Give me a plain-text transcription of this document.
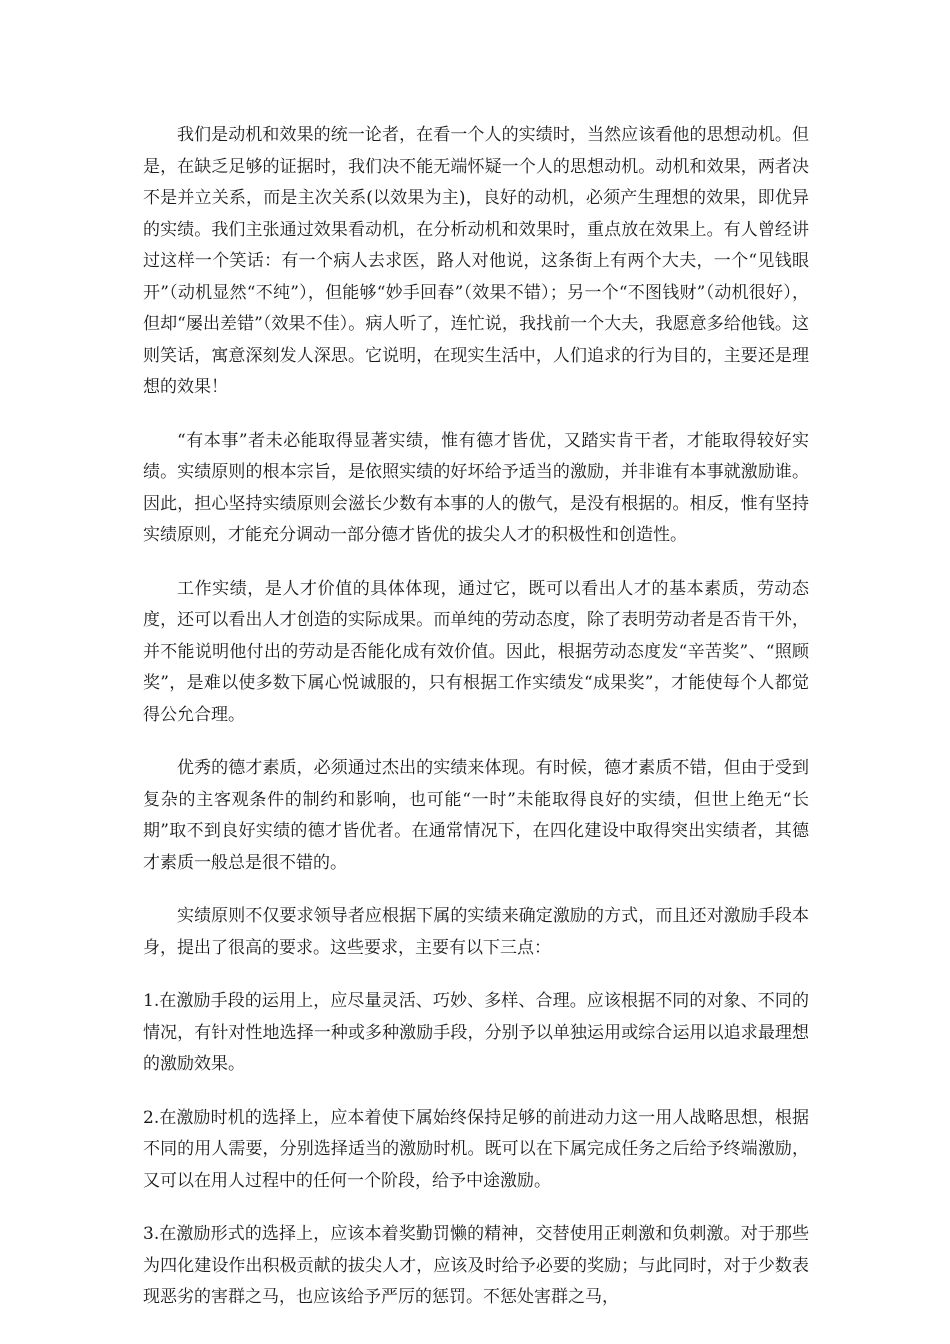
我们是动机和效果的统一论者，在看一个人的实绩时，当然应该看他的思想动机。但是，在缺乏足够的证据时，我们决不能无端怀疑一个人的思想动机。动机和效果，两者决不是并立关系，而是主次关系(以效果为主)，良好的动机，必须产生理想的效果，即优异的实绩。我们主张通过效果看动机，在分析动机和效果时，重点放在效果上。有人曾经讲过这样一个笑话：有一个病人去求医，路人对他说，这条街上有两个大夫，一个“见钱眼开”（动机显然“不纯”），但能够“妙手回春”（效果不错）；另一个“不图钱财”（动机很好），但却“屡出差错”（效果不佳）。病人听了，连忙说，我找前一个大夫，我愿意多给他钱。这则笑话，寓意深刻发人深思。它说明，在现实生活中，人们追求的行为目的，主要还是理想的效果！

“有本事”者未必能取得显著实绩，惟有德才皆优，又踏实肯干者，才能取得较好实绩。实绩原则的根本宗旨，是依照实绩的好坏给予适当的激励，并非谁有本事就激励谁。因此，担心坚持实绩原则会滋长少数有本事的人的傲气，是没有根据的。相反，惟有坚持实绩原则，才能充分调动一部分德才皆优的拔尖人才的积极性和创造性。

工作实绩，是人才价值的具体体现，通过它，既可以看出人才的基本素质，劳动态度，还可以看出人才创造的实际成果。而单纯的劳动态度，除了表明劳动者是否肯干外，并不能说明他付出的劳动是否能化成有效价值。因此，根据劳动态度发“辛苦奖”、“照顾奖”，是难以使多数下属心悦诚服的，只有根据工作实绩发“成果奖”，才能使每个人都觉得公允合理。

优秀的德才素质，必须通过杰出的实绩来体现。有时候，德才素质不错，但由于受到复杂的主客观条件的制约和影响，也可能“一时”未能取得良好的实绩，但世上绝无“长期”取不到良好实绩的德才皆优者。在通常情况下，在四化建设中取得突出实绩者，其德才素质一般总是很不错的。

实绩原则不仅要求领导者应根据下属的实绩来确定激励的方式，而且还对激励手段本身，提出了很高的要求。这些要求，主要有以下三点：

1.在激励手段的运用上，应尽量灵活、巧妙、多样、合理。应该根据不同的对象、不同的情况，有针对性地选择一种或多种激励手段，分别予以单独运用或综合运用以追求最理想的激励效果。

2.在激励时机的选择上，应本着使下属始终保持足够的前进动力这一用人战略思想，根据不同的用人需要，分别选择适当的激励时机。既可以在下属完成任务之后给予终端激励，又可以在用人过程中的任何一个阶段，给予中途激励。

3.在激励形式的选择上，应该本着奖勤罚懒的精神，交替使用正刺激和负刺激。对于那些为四化建设作出积极贡献的拔尖人才，应该及时给予必要的奖励；与此同时，对于少数表现恶劣的害群之马，也应该给予严厉的惩罚。不惩处害群之马，
